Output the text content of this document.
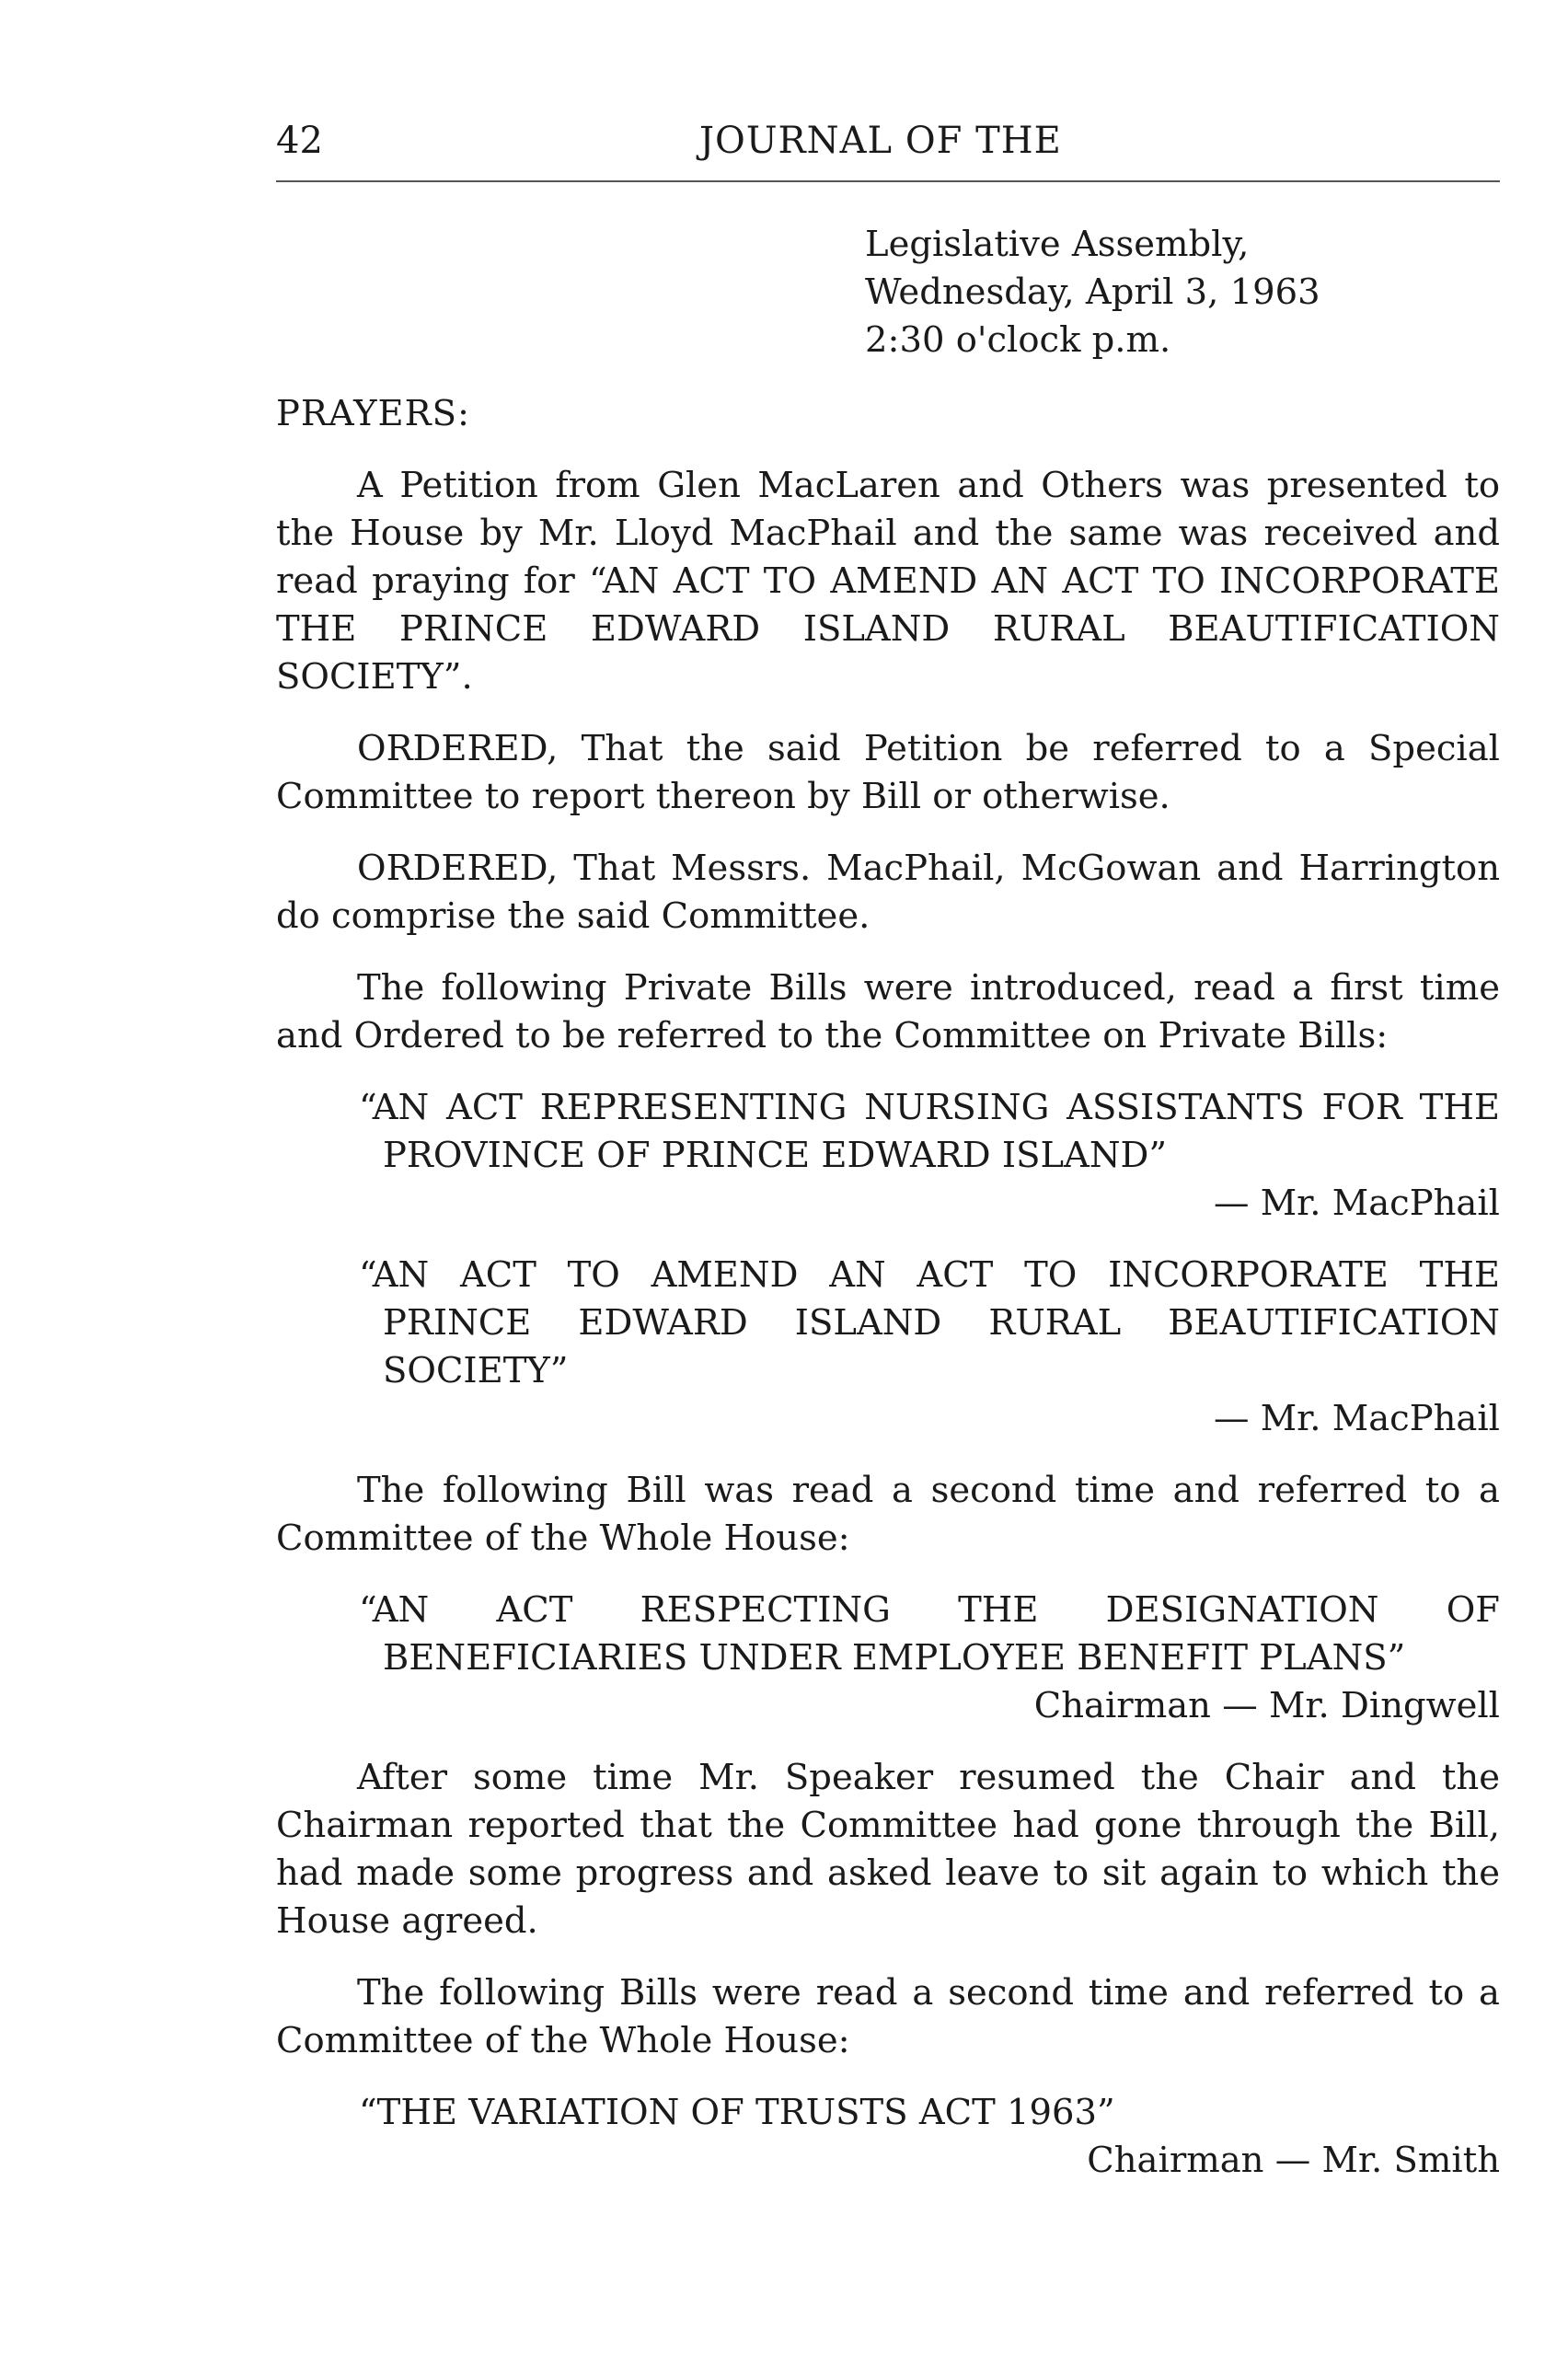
42	JOURNAL OF THE
Legislative Assembly,
Wednesday, April 3, 1963
2:30 o'clock p.m.
PRAYERS:

A Petition from Glen MacLaren and Others was presented to the House by Mr. Lloyd MacPhail and the same was received and read praying for “AN ACT TO AMEND AN ACT TO INCORPORATE THE PRINCE EDWARD ISLAND RURAL BEAUTIFICATION SOCIETY”.

ORDERED, That the said Petition be referred to a Special Committee to report thereon by Bill or otherwise.

ORDERED, That Messrs. MacPhail, McGowan and Harrington do comprise the said Committee.

The following Private Bills were introduced, read a first time and Ordered to be referred to the Committee on Private Bills:

“AN ACT REPRESENTING NURSING ASSISTANTS FOR THE PROVINCE OF PRINCE EDWARD ISLAND”
— Mr. MacPhail
“AN ACT TO AMEND AN ACT TO INCORPORATE THE PRINCE EDWARD ISLAND RURAL BEAUTIFICATION SOCIETY”
— Mr. MacPhail

The following Bill was read a second time and referred to a Committee of the Whole House:

“AN ACT RESPECTING THE DESIGNATION OF BENEFICIARIES UNDER EMPLOYEE BENEFIT PLANS”
Chairman — Mr. Dingwell

After some time Mr. Speaker resumed the Chair and the Chairman reported that the Committee had gone through the Bill, had made some progress and asked leave to sit again to which the House agreed.

The following Bills were read a second time and referred to a Committee of the Whole House:

“THE VARIATION OF TRUSTS ACT 1963”
Chairman — Mr. Smith
